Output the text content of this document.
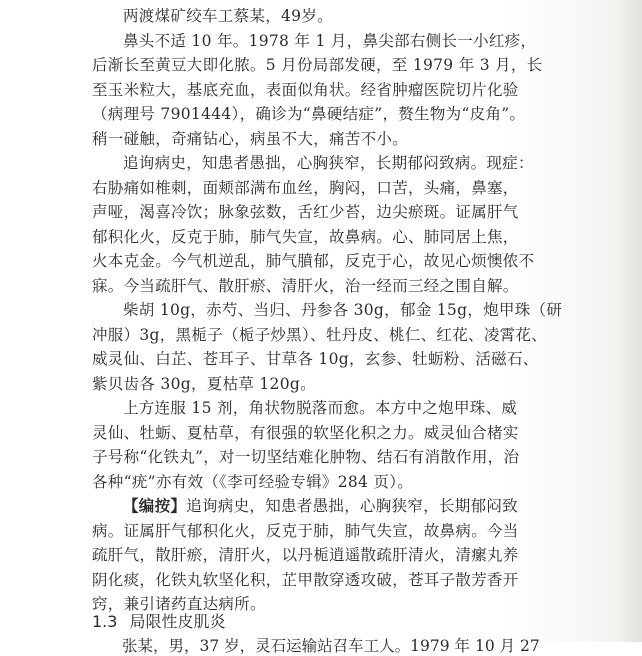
两渡煤矿绞车工蔡某，49岁。
鼻头不适 10 年。1978 年 1 月，鼻尖部右侧长一小红疹，
后渐长至黄豆大即化脓。5 月份局部发硬，至 1979 年 3 月，长
至玉米粒大，基底充血，表面似角状。经省肿瘤医院切片化验
（病理号 7901444），确诊为“鼻硬结症”，赘生物为“皮角”。
稍一碰触，奇痛钻心，病虽不大，痛苦不小。
追询病史，知患者愚拙，心胸狭窄，长期郁闷致病。现症：
右胁痛如椎刺，面颊部满布血丝，胸闷，口苦，头痛，鼻塞，
声哑，渴喜冷饮；脉象弦数，舌红少苔，边尖瘀斑。证属肝气
郁积化火，反克于肺，肺气失宣，故鼻病。心、肺同居上焦，
火本克金。今气机逆乱，肺气膹郁，反克于心，故见心烦懊侬不
寐。今当疏肝气、散肝瘀、清肝火，治一经而三经之围自解。
柴胡 10g，赤芍、当归、丹参各 30g，郁金 15g，炮甲珠（研
冲服）3g，黑栀子（栀子炒黑）、牡丹皮、桃仁、红花、凌霄花、
威灵仙、白芷、苍耳子、甘草各 10g，玄参、牡蛎粉、活磁石、
紫贝齿各 30g，夏枯草 120g。
上方连服 15 剂，角状物脱落而愈。本方中之炮甲珠、威
灵仙、牡蛎、夏枯草，有很强的软坚化积之力。威灵仙合楮实
子号称“化铁丸”，对一切坚结难化肿物、结石有消散作用，治
各种“疣”亦有效（《李可经验专辑》284 页）。
【编按】追询病史，知患者愚拙，心胸狭窄，长期郁闷致
病。证属肝气郁积化火，反克于肺，肺气失宣，故鼻病。今当
疏肝气，散肝瘀，清肝火，以丹栀逍遥散疏肝清火，清瘰丸养
阴化痰，化铁丸软坚化积，芷甲散穿透攻破，苍耳子散芳香开
窍，兼引诸药直达病所。
1.3 局限性皮肌炎
张某，男，37 岁，灵石运输站召车工人。1979 年 10 月 27
